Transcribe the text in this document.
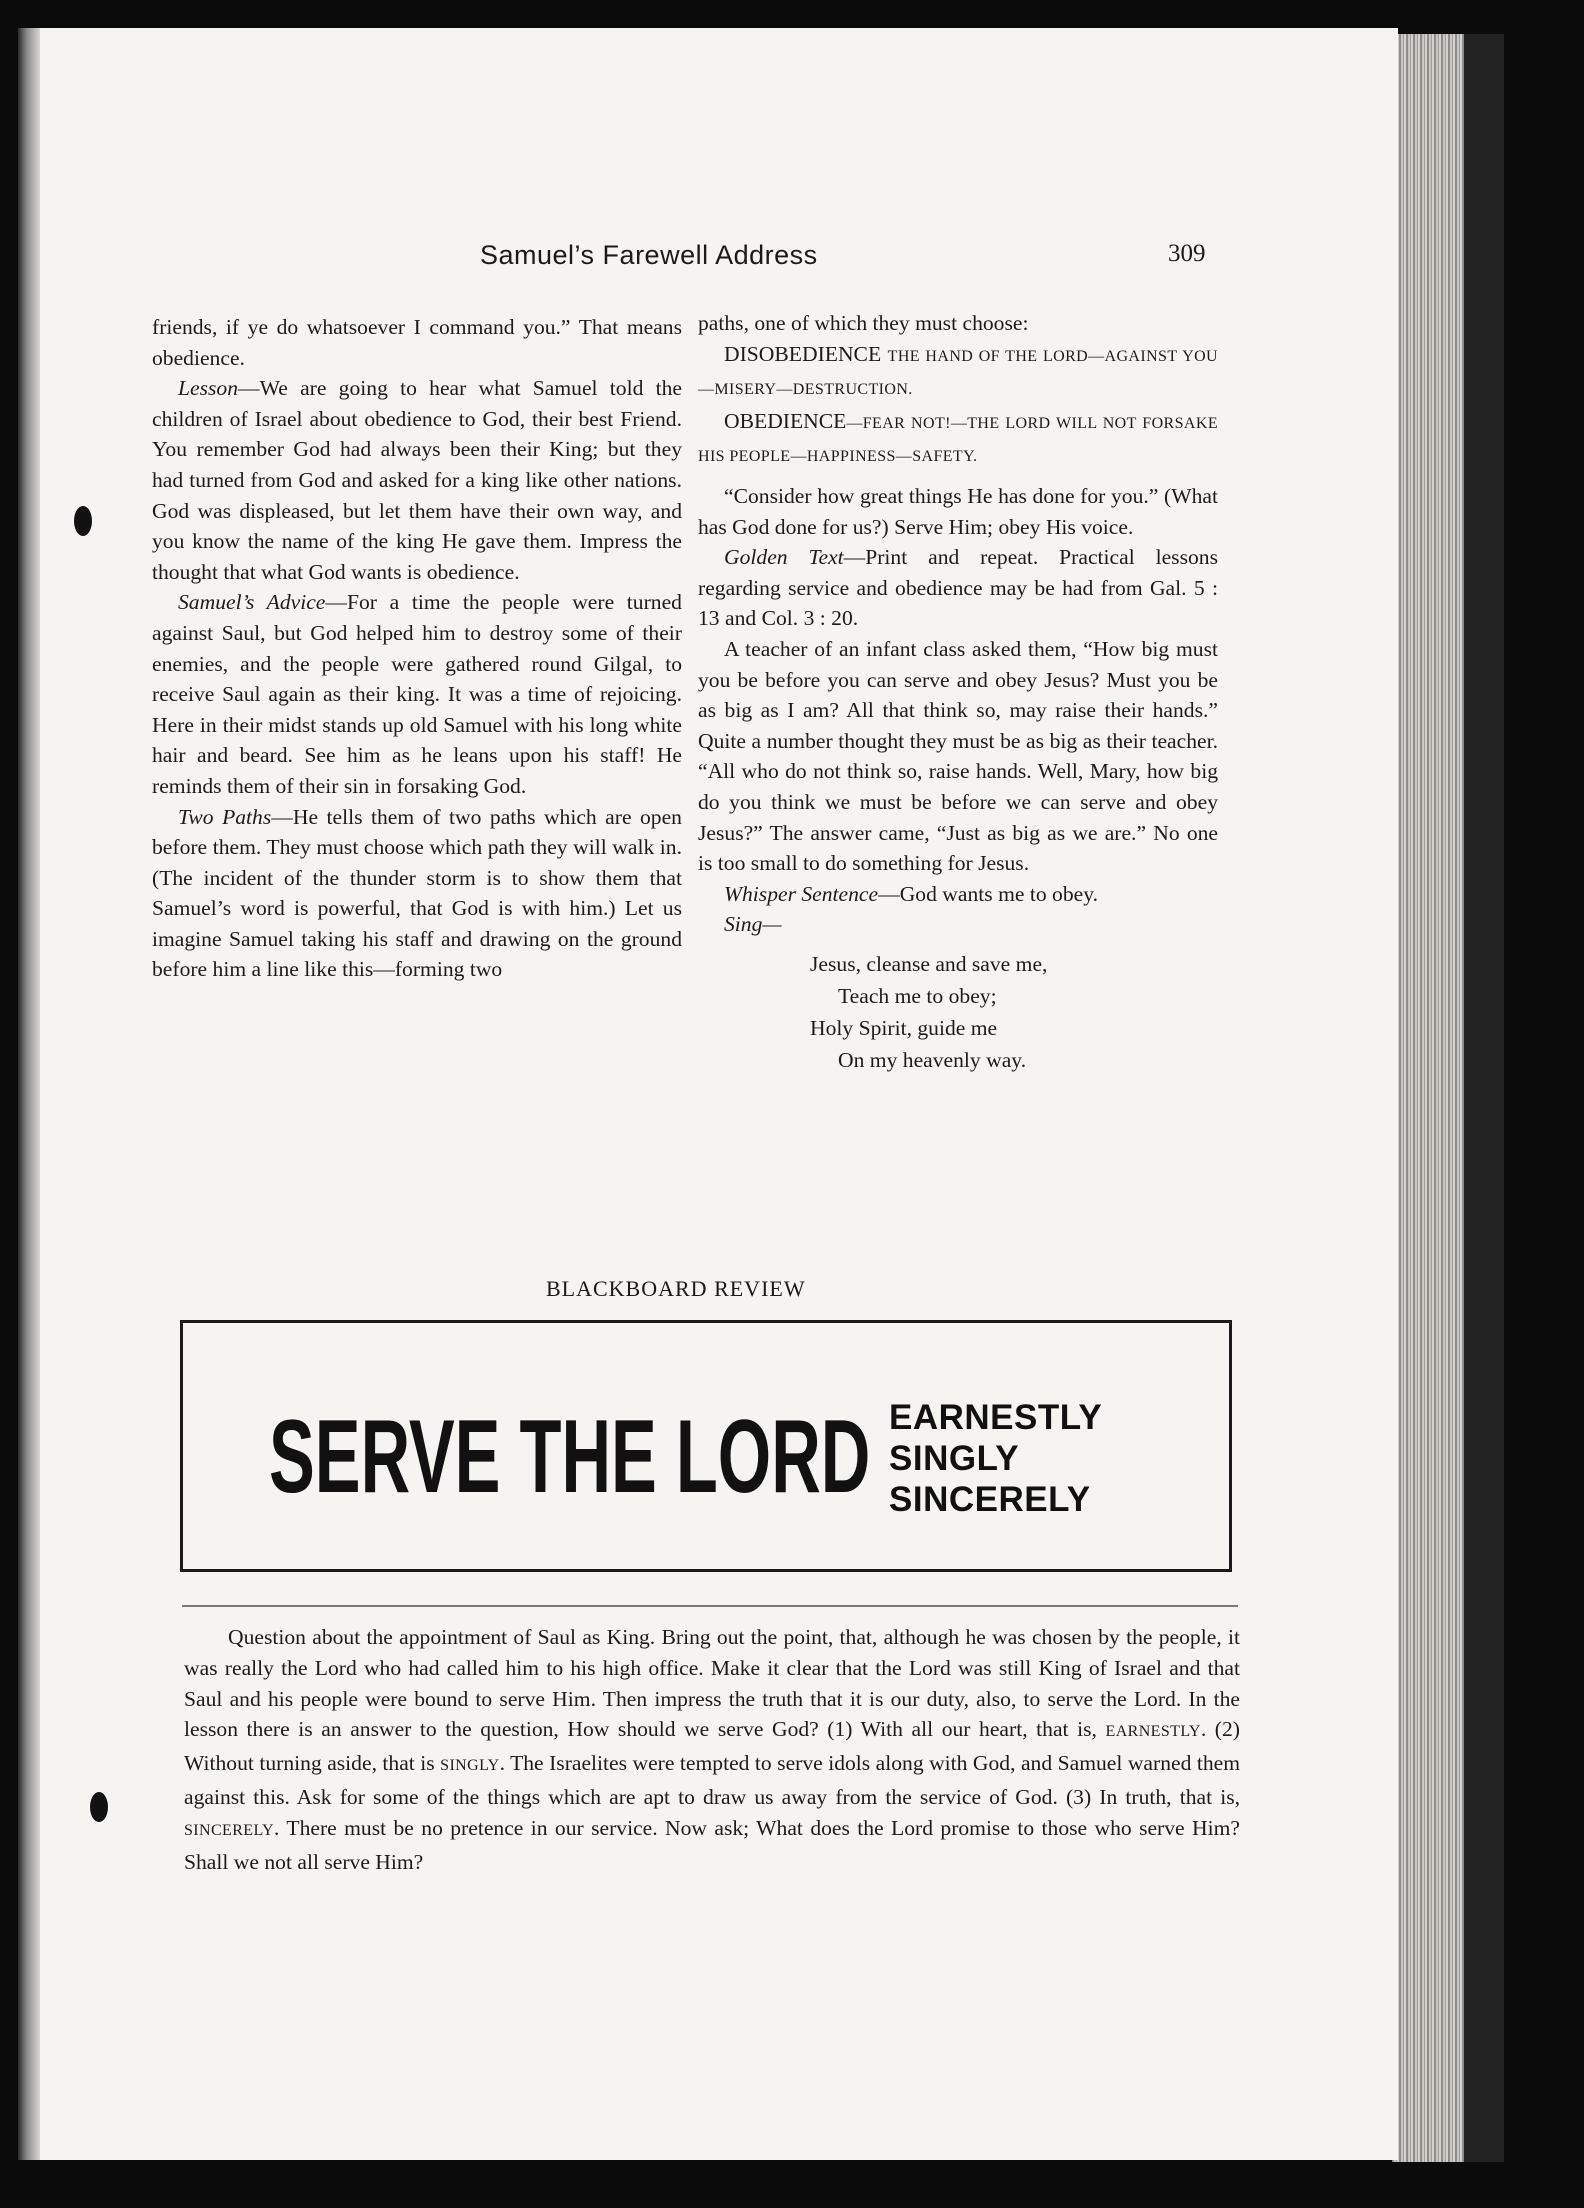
Samuel’s Farewell Address	309

friends, if ye do whatsoever I command you.” That means obedience.

Lesson—We are going to hear what Samuel told the children of Israel about obedience to God, their best Friend. You remember God had always been their King; but they had turned from God and asked for a king like other nations. God was displeased, but let them have their own way, and you know the name of the king He gave them. Impress the thought that what God wants is obedience.

Samuel’s Advice—For a time the people were turned against Saul, but God helped him to destroy some of their enemies, and the people were gathered round Gilgal, to receive Saul again as their king. It was a time of rejoicing. Here in their midst stands up old Samuel with his long white hair and beard. See him as he leans upon his staff! He reminds them of their sin in forsaking God.

Two Paths—He tells them of two paths which are open before them. They must choose which path they will walk in. (The incident of the thunder storm is to show them that Samuel’s word is powerful, that God is with him.) Let us imagine Samuel taking his staff and drawing on the ground before him a line like this—forming two

paths, one of which they must choose:

DISOBEDIENCE THE HAND OF THE LORD—AGAINST YOU—MISERY—DESTRUCTION.

OBEDIENCE—FEAR NOT!—THE LORD WILL NOT FORSAKE HIS PEOPLE—HAPPINESS—SAFETY.

“Consider how great things He has done for you.” (What has God done for us?) Serve Him; obey His voice.

Golden Text—Print and repeat. Practical lessons regarding service and obedience may be had from Gal. 5 : 13 and Col. 3 : 20.

A teacher of an infant class asked them, “How big must you be before you can serve and obey Jesus? Must you be as big as I am? All that think so, may raise their hands.” Quite a number thought they must be as big as their teacher. “All who do not think so, raise hands. Well, Mary, how big do you think we must be before we can serve and obey Jesus?” The answer came, “Just as big as we are.” No one is too small to do something for Jesus.

Whisper Sentence—God wants me to obey.

Sing—

Jesus, cleanse and save me,
Teach me to obey;
Holy Spirit, guide me
On my heavenly way.
BLACKBOARD REVIEW
SERVE THE LORD EARNESTLY
SINGLY
SINCERELY

Question about the appointment of Saul as King. Bring out the point, that, although he was chosen by the people, it was really the Lord who had called him to his high office. Make it clear that the Lord was still King of Israel and that Saul and his people were bound to serve Him. Then impress the truth that it is our duty, also, to serve the Lord. In the lesson there is an answer to the question, How should we serve God? (1) With all our heart, that is, EARNESTLY. (2) Without turning aside, that is SINGLY. The Israelites were tempted to serve idols along with God, and Samuel warned them against this. Ask for some of the things which are apt to draw us away from the service of God. (3) In truth, that is, SINCERELY. There must be no pretence in our service. Now ask; What does the Lord promise to those who serve Him? Shall we not all serve Him?
